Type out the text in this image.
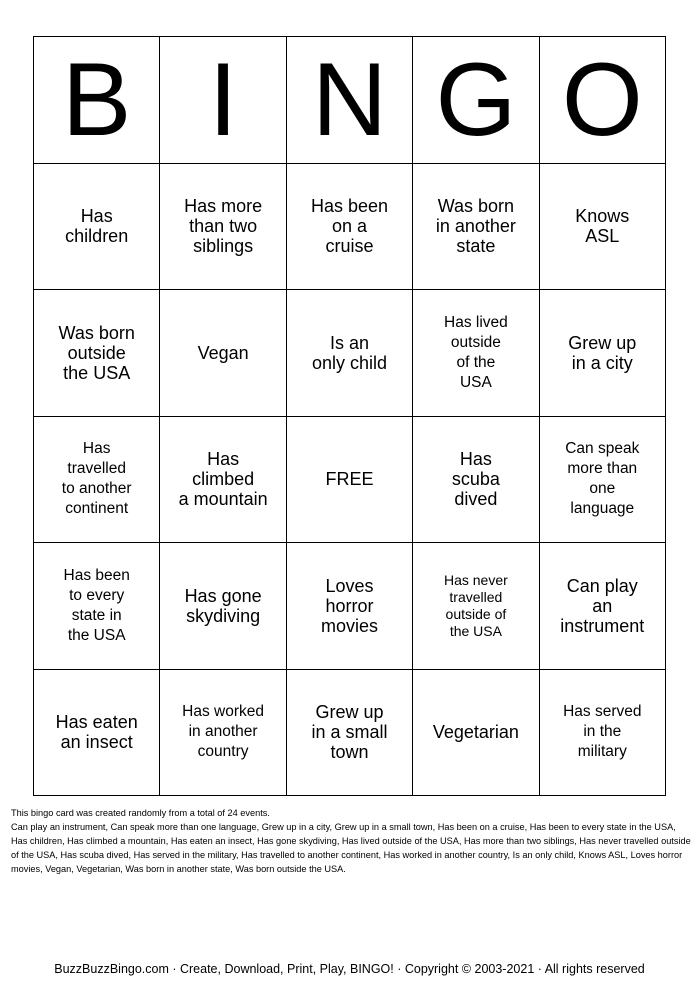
B I N G O
Has
children
Has more
than two
siblings
Has been
on a
cruise
Was born
in another
state
Knows
ASL
Was born
outside
the USA
Vegan	Is an
only child
Has lived
outside
of the
USA
Grew up
in a city
Has
travelled
to another
continent
Has
climbed
a mountain
FREE
Has
scuba
dived
Can speak
more than
one
language
Has been
to every
state in
the USA
Has gone
skydiving
Loves
horror
movies
Has never
travelled
outside of
the USA
Can play
an
instrument
Has eaten
an insect
Has worked
in another
country
Grew up
in a small
town
Vegetarian
Has served
in the
military
This bingo card was created randomly from a total of 24 events.
Can play an instrument, Can speak more than one language, Grew up in a city, Grew up in a small town, Has been on a cruise, Has been to every state in the USA, Has children, Has climbed a mountain, Has eaten an insect, Has gone skydiving, Has lived outside of the USA, Has more than two siblings, Has never travelled outside of the USA, Has scuba dived, Has served in the military, Has travelled to another continent, Has worked in another country, Is an only child, Knows ASL, Loves horror movies, Vegan, Vegetarian, Was born in another state, Was born outside the USA.
BuzzBuzzBingo.com · Create, Download, Print, Play, BINGO! · Copyright © 2003-2021 · All rights reserved
